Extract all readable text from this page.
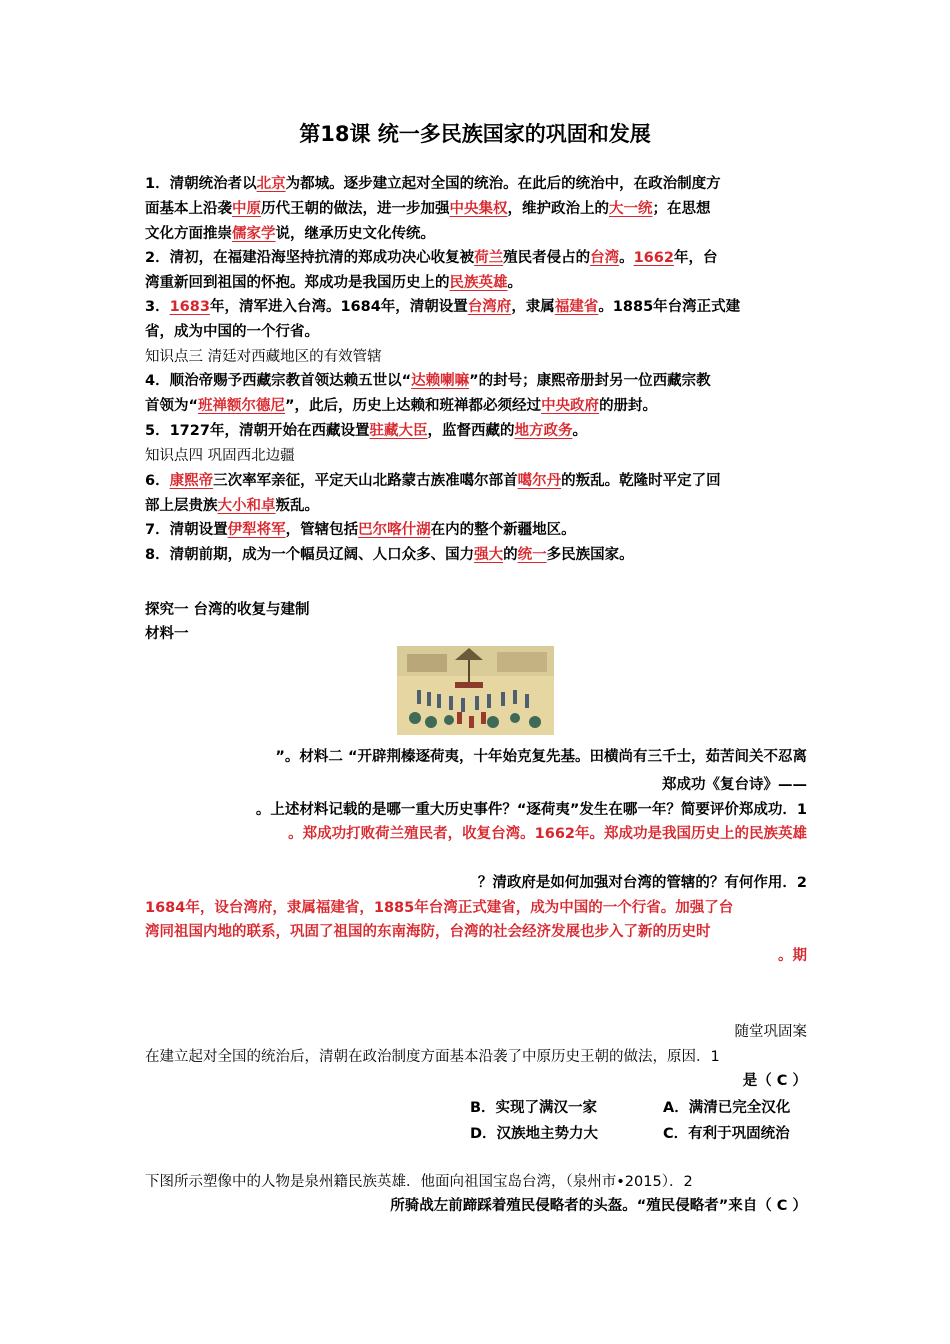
第18课 统一多民族国家的巩固和发展
1．清朝统治者以北京为都城。逐步建立起对全国的统治。在此后的统治中，在政治制度方
面基本上沿袭中原历代王朝的做法，进一步加强中央集权，维护政治上的大一统；在思想
文化方面推崇儒家学说，继承历史文化传统。
2．清初，在福建沿海坚持抗清的郑成功决心收复被荷兰殖民者侵占的台湾。1662年，台
湾重新回到祖国的怀抱。郑成功是我国历史上的民族英雄。
3．1683年，清军进入台湾。1684年，清朝设置台湾府，隶属福建省。1885年台湾正式建
省，成为中国的一个行省。
知识点三 清廷对西藏地区的有效管辖
4．顺治帝赐予西藏宗教首领达赖五世以“达赖喇嘛”的封号；康熙帝册封另一位西藏宗教
首领为“班禅额尔德尼”，此后，历史上达赖和班禅都必须经过中央政府的册封。
5．1727年，清朝开始在西藏设置驻藏大臣，监督西藏的地方政务。
知识点四 巩固西北边疆
6．康熙帝三次率军亲征，平定天山北路蒙古族准噶尔部首噶尔丹的叛乱。乾隆时平定了回
部上层贵族大小和卓叛乱。
7．清朝设置伊犁将军，管辖包括巴尔喀什湖在内的整个新疆地区。
8．清朝前期，成为一个幅员辽阔、人口众多、国力强大的统一多民族国家。
探究一 台湾的收复与建制
材料一
”。材料二 “开辟荆榛逐荷夷，十年始克复先基。田横尚有三千士，茹苦间关不忍离
郑成功《复台诗》——
。上述材料记载的是哪一重大历史事件？“逐荷夷”发生在哪一年？简要评价郑成功．1
。郑成功打败荷兰殖民者，收复台湾。1662年。郑成功是我国历史上的民族英雄
？清政府是如何加强对台湾的管辖的？有何作用．2
1684年，设台湾府，隶属福建省，1885年台湾正式建省，成为中国的一个行省。加强了台
湾同祖国内地的联系，巩固了祖国的东南海防，台湾的社会经济发展也步入了新的历史时
。期
随堂巩固案
在建立起对全国的统治后，清朝在政治制度方面基本沿袭了中原历史王朝的做法，原因．1
是（ C ）
B．实现了满汉一家	A．满清已完全汉化
D．汉族地主势力大	C．有利于巩固统治
下图所示塑像中的人物是泉州籍民族英雄．他面向祖国宝岛台湾，（泉州市•2015）．2
所骑战左前蹄踩着殖民侵略者的头盔。“殖民侵略者”来自（ C ）
